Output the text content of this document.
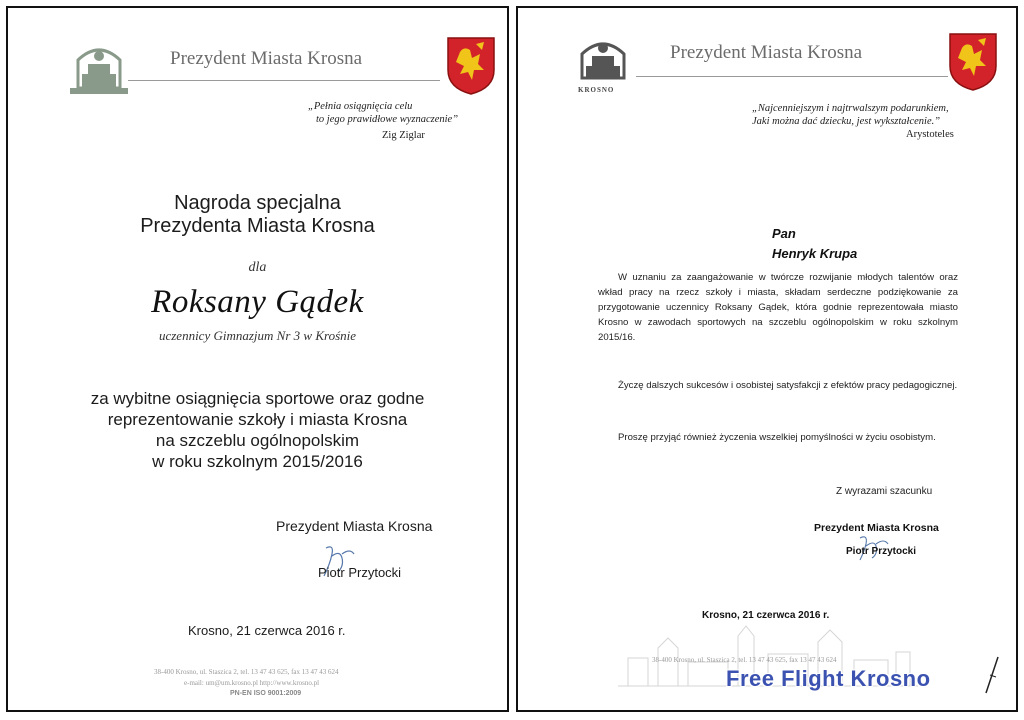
Prezydent Miasta Krosna
„Pełnia osiągnięcia celu
to jego prawidłowe wyznaczenie”
Zig Ziglar
Nagroda specjalna
Prezydenta Miasta Krosna
dla
Roksany Gądek
uczennicy Gimnazjum Nr 3 w Krośnie
za wybitne osiągnięcia sportowe oraz godne
reprezentowanie szkoły i miasta Krosna
na szczeblu ogólnopolskim
w roku szkolnym 2015/2016
Prezydent Miasta Krosna
Piotr Przytocki
Krosno, 21 czerwca 2016 r.
38-400 Krosno, ul. Staszica 2, tel. 13 47 43 625, fax 13 47 43 624
e-mail: um@um.krosno.pl http://www.krosno.pl
PN-EN ISO 9001:2009
KROSNO
Prezydent Miasta Krosna
„Najcenniejszym i najtrwalszym podarunkiem,
Jaki można dać dziecku, jest wykształcenie.”
Arystoteles
Pan
Henryk Krupa
W uznaniu za zaangażowanie w twórcze rozwijanie młodych talentów oraz wkład pracy na rzecz szkoły i miasta, składam serdeczne podziękowanie za przygotowanie uczennicy Roksany Gądek, która godnie reprezentowała miasto Krosno w zawodach sportowych na szczeblu ogólnopolskim w roku szkolnym 2015/16.
Życzę dalszych sukcesów i osobistej satysfakcji z efektów pracy pedagogicznej.
Proszę przyjąć również życzenia wszelkiej pomyślności w życiu osobistym.
Z wyrazami szacunku
Prezydent Miasta Krosna
Piotr Przytocki
Krosno, 21 czerwca 2016 r.
38-400 Krosno, ul. Staszica 2, tel. 13 47 43 625, fax 13 47 43 624
Free Flight Krosno
